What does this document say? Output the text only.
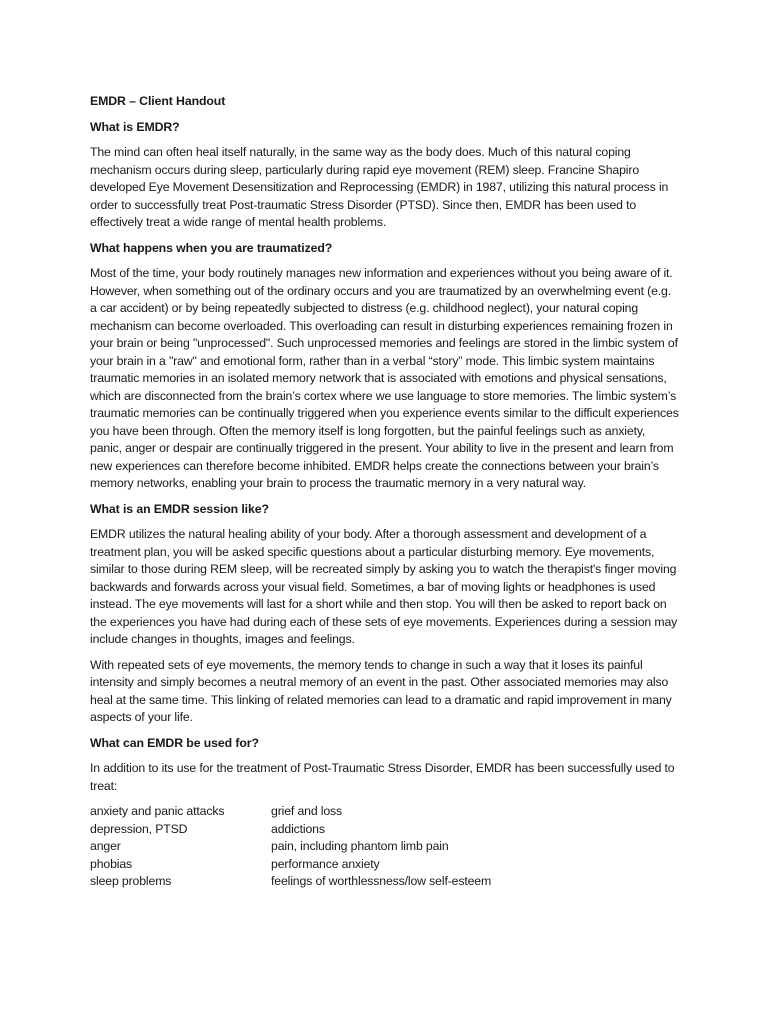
EMDR – Client Handout
What is EMDR?
The mind can often heal itself naturally, in the same way as the body does. Much of this natural coping mechanism occurs during sleep, particularly during rapid eye movement (REM) sleep. Francine Shapiro developed Eye Movement Desensitization and Reprocessing (EMDR) in 1987, utilizing this natural process in order to successfully treat Post-traumatic Stress Disorder (PTSD). Since then, EMDR has been used to effectively treat a wide range of mental health problems.
What happens when you are traumatized?
Most of the time, your body routinely manages new information and experiences without you being aware of it. However, when something out of the ordinary occurs and you are traumatized by an overwhelming event (e.g. a car accident) or by being repeatedly subjected to distress (e.g. childhood neglect), your natural coping mechanism can become overloaded. This overloading can result in disturbing experiences remaining frozen in your brain or being "unprocessed". Such unprocessed memories and feelings are stored in the limbic system of your brain in a "raw" and emotional form, rather than in a verbal “story” mode. This limbic system maintains traumatic memories in an isolated memory network that is associated with emotions and physical sensations, which are disconnected from the brain’s cortex where we use language to store memories. The limbic system’s traumatic memories can be continually triggered when you experience events similar to the difficult experiences you have been through. Often the memory itself is long forgotten, but the painful feelings such as anxiety, panic, anger or despair are continually triggered in the present. Your ability to live in the present and learn from new experiences can therefore become inhibited. EMDR helps create the connections between your brain’s memory networks, enabling your brain to process the traumatic memory in a very natural way.
What is an EMDR session like?
EMDR utilizes the natural healing ability of your body. After a thorough assessment and development of a treatment plan, you will be asked specific questions about a particular disturbing memory. Eye movements, similar to those during REM sleep, will be recreated simply by asking you to watch the therapist's finger moving backwards and forwards across your visual field. Sometimes, a bar of moving lights or headphones is used instead. The eye movements will last for a short while and then stop. You will then be asked to report back on the experiences you have had during each of these sets of eye movements. Experiences during a session may include changes in thoughts, images and feelings.
With repeated sets of eye movements, the memory tends to change in such a way that it loses its painful intensity and simply becomes a neutral memory of an event in the past. Other associated memories may also heal at the same time. This linking of related memories can lead to a dramatic and rapid improvement in many aspects of your life.
What can EMDR be used for?
In addition to its use for the treatment of Post-Traumatic Stress Disorder, EMDR has been successfully used to treat:
anxiety and panic attacks	grief and loss
depression, PTSD	addictions
anger	pain, including phantom limb pain
phobias	performance anxiety
sleep problems	feelings of worthlessness/low self-esteem
